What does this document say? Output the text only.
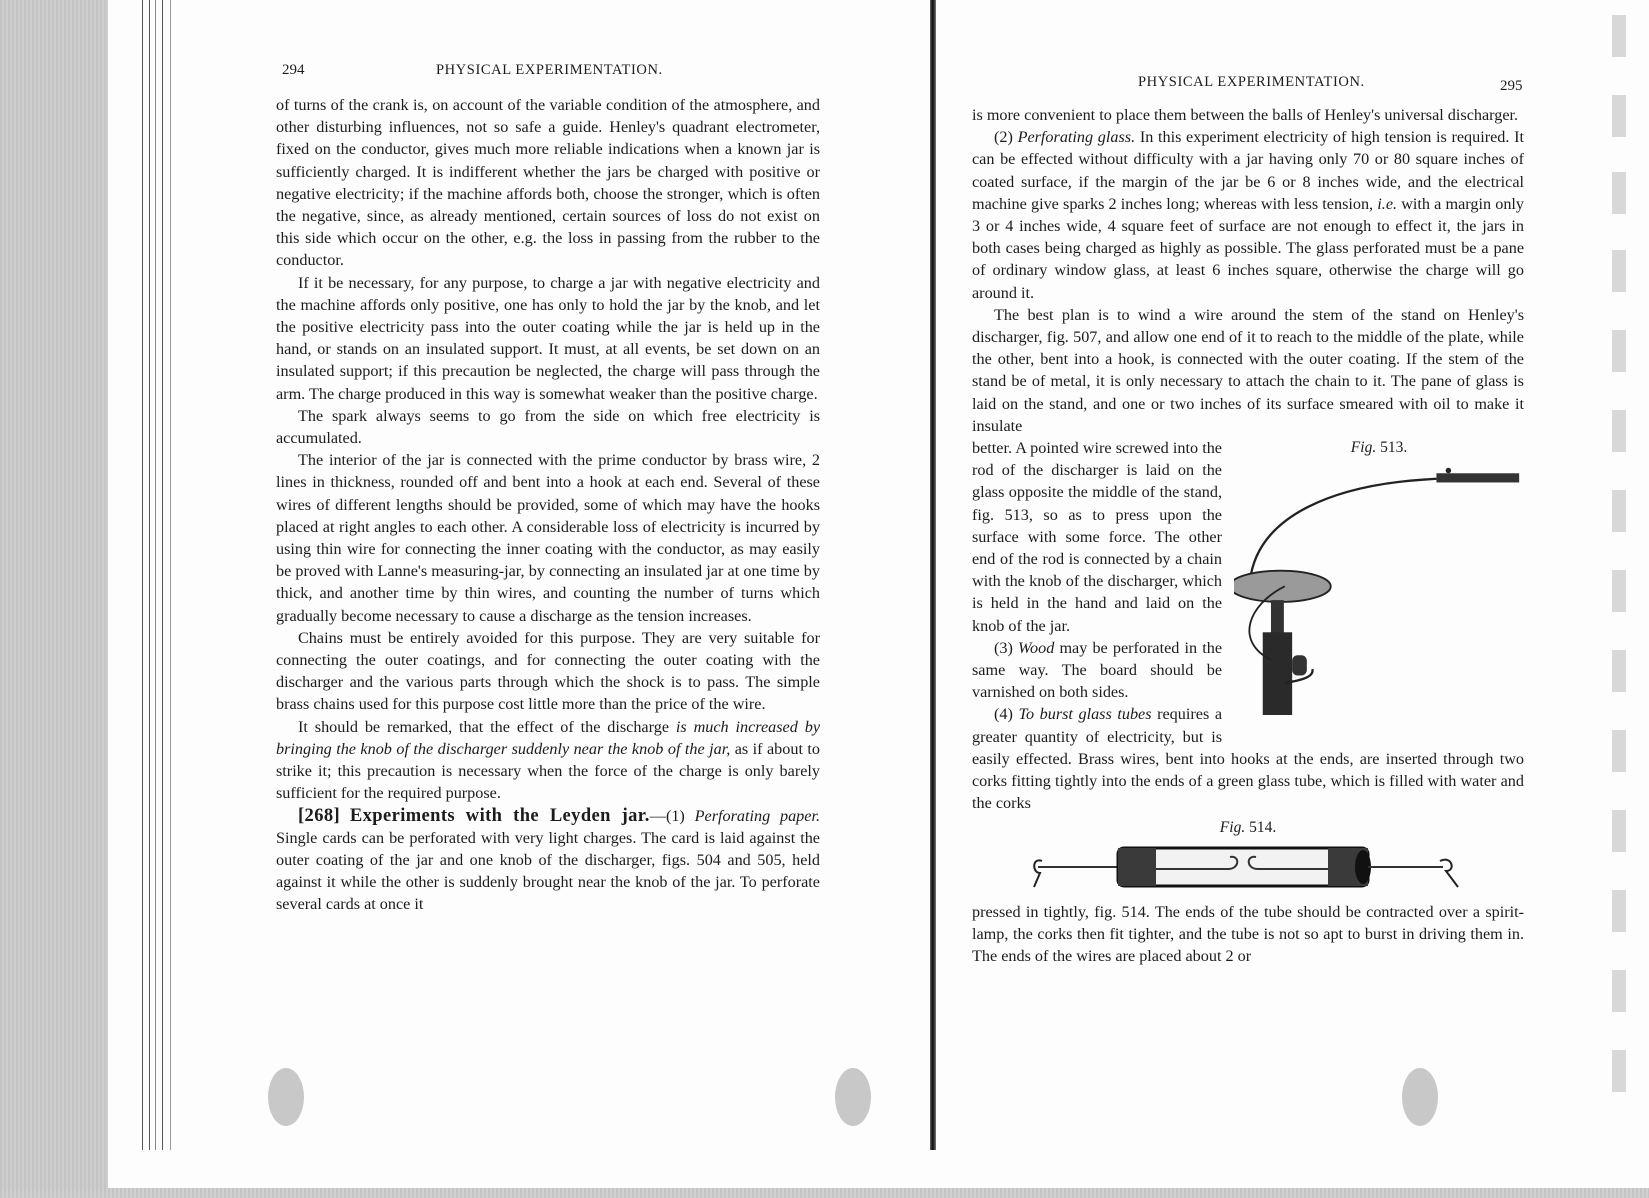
294	PHYSICAL EXPERIMENTATION.

of turns of the crank is, on account of the variable condition of the atmosphere, and other disturbing influences, not so safe a guide. Henley's quadrant electrometer, fixed on the conductor, gives much more reliable indications when a known jar is sufficiently charged. It is indifferent whether the jars be charged with positive or negative electricity; if the machine affords both, choose the stronger, which is often the negative, since, as already mentioned, certain sources of loss do not exist on this side which occur on the other, e.g. the loss in passing from the rubber to the conductor.

If it be necessary, for any purpose, to charge a jar with negative electricity and the machine affords only positive, one has only to hold the jar by the knob, and let the positive electricity pass into the outer coating while the jar is held up in the hand, or stands on an insulated support. It must, at all events, be set down on an insulated support; if this precaution be neglected, the charge will pass through the arm. The charge produced in this way is somewhat weaker than the positive charge.

The spark always seems to go from the side on which free electricity is accumulated.

The interior of the jar is connected with the prime conductor by brass wire, 2 lines in thickness, rounded off and bent into a hook at each end. Several of these wires of different lengths should be provided, some of which may have the hooks placed at right angles to each other. A considerable loss of electricity is incurred by using thin wire for connecting the inner coating with the conductor, as may easily be proved with Lanne's measuring-jar, by connecting an insulated jar at one time by thick, and another time by thin wires, and counting the number of turns which gradually become necessary to cause a discharge as the tension increases.

Chains must be entirely avoided for this purpose. They are very suitable for connecting the outer coatings, and for connecting the outer coating with the discharger and the various parts through which the shock is to pass. The simple brass chains used for this purpose cost little more than the price of the wire.

It should be remarked, that the effect of the discharge is much increased by bringing the knob of the discharger suddenly near the knob of the jar, as if about to strike it; this precaution is necessary when the force of the charge is only barely sufficient for the required purpose.

[268] Experiments with the Leyden jar.—(1) Perforating paper. Single cards can be perforated with very light charges. The card is laid against the outer coating of the jar and one knob of the discharger, figs. 504 and 505, held against it while the other is suddenly brought near the knob of the jar. To perforate several cards at once it

PHYSICAL EXPERIMENTATION.	295

is more convenient to place them between the balls of Henley's universal discharger.

(2) Perforating glass. In this experiment electricity of high tension is required. It can be effected without difficulty with a jar having only 70 or 80 square inches of coated surface, if the margin of the jar be 6 or 8 inches wide, and the electrical machine give sparks 2 inches long; whereas with less tension, i.e. with a margin only 3 or 4 inches wide, 4 square feet of surface are not enough to effect it, the jars in both cases being charged as highly as possible. The glass perforated must be a pane of ordinary window glass, at least 6 inches square, otherwise the charge will go around it.

The best plan is to wind a wire around the stem of the stand on Henley's discharger, fig. 507, and allow one end of it to reach to the middle of the plate, while the other, bent into a hook, is connected with the outer coating. If the stem of the stand be of metal, it is only necessary to attach the chain to it. The pane of glass is laid on the stand, and one or two inches of its surface smeared with oil to make it insulate

Fig. 513.

better. A pointed wire screwed into the rod of the discharger is laid on the glass opposite the middle of the stand, fig. 513, so as to press upon the surface with some force. The other end of the rod is connected by a chain with the knob of the discharger, which is held in the hand and laid on the knob of the jar.

(3) Wood may be perforated in the same way. The board should be varnished on both sides.

(4) To burst glass tubes requires a greater quantity of electricity, but is easily effected. Brass wires, bent into hooks at the ends, are inserted through two corks fitting tightly into the ends of a green glass tube, which is filled with water and the corks

Fig. 514.

pressed in tightly, fig. 514. The ends of the tube should be contracted over a spirit-lamp, the corks then fit tighter, and the tube is not so apt to burst in driving them in. The ends of the wires are placed about 2 or
